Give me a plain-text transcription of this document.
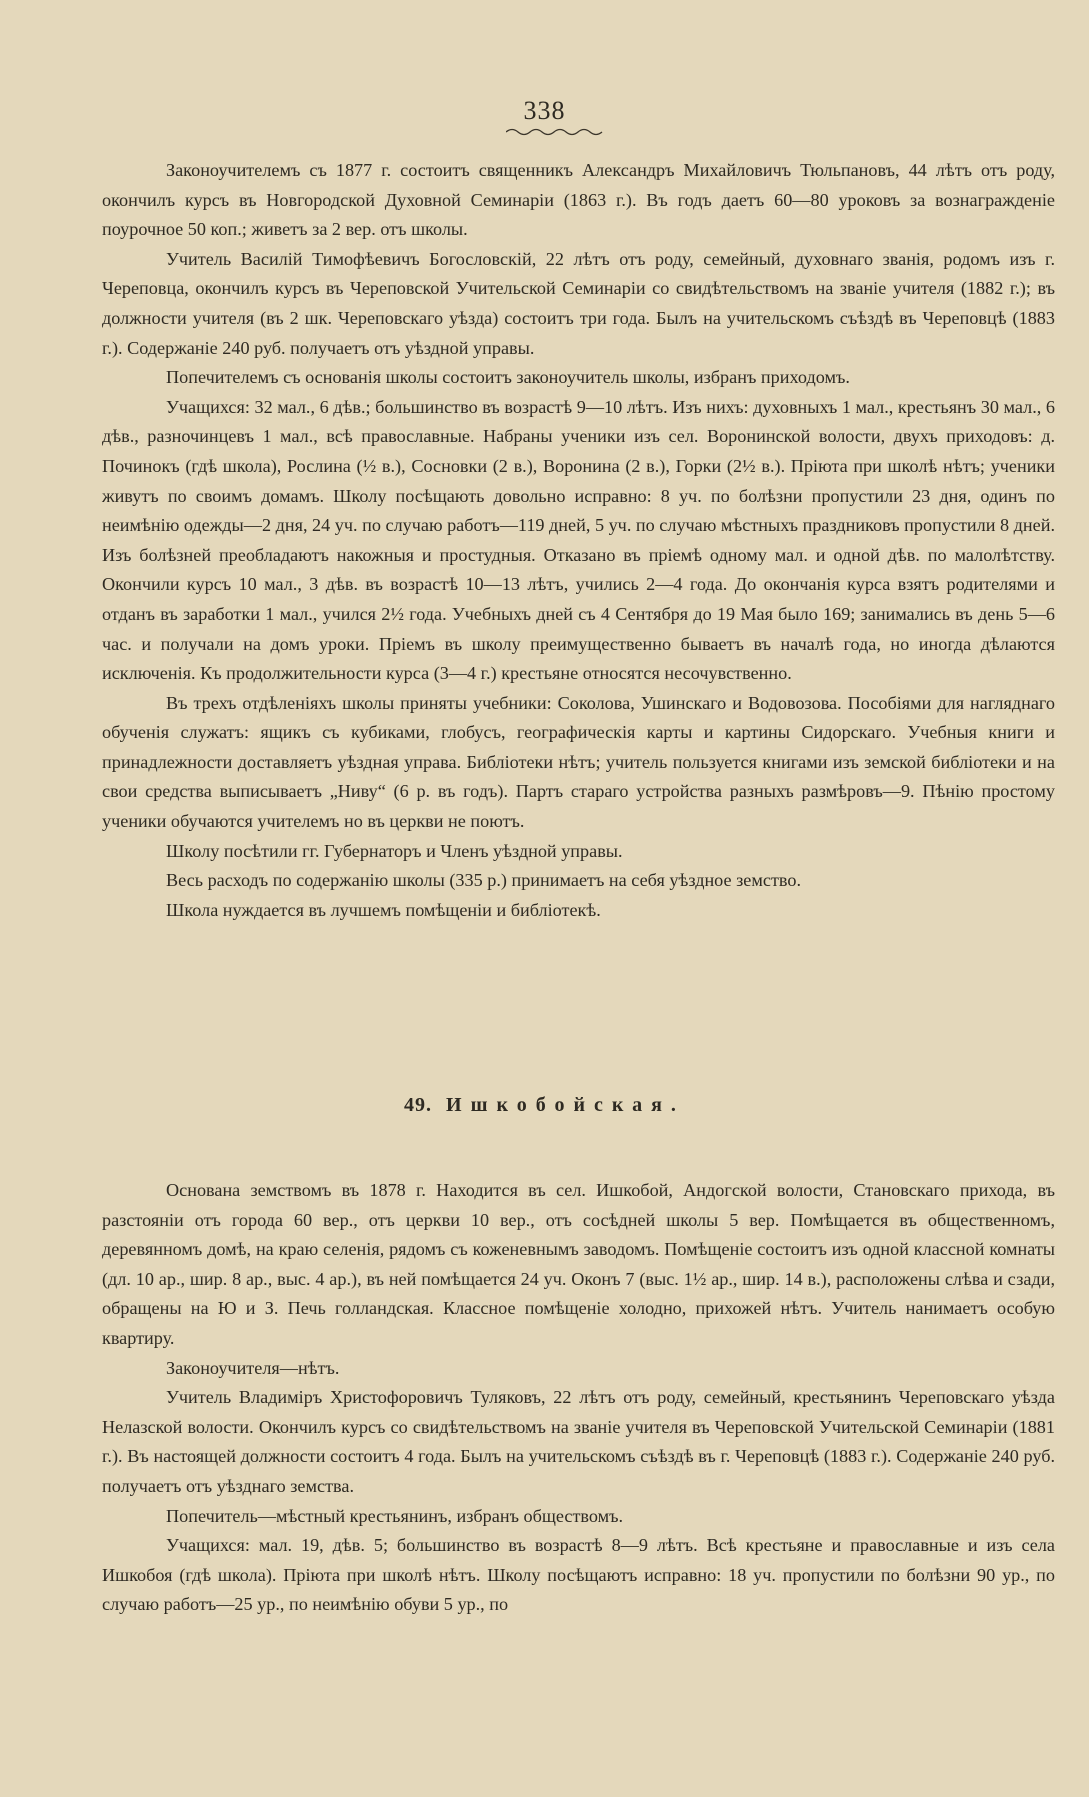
338

Законоучителемъ съ 1877 г. состоитъ священникъ Александръ Михайловичъ Тюльпановъ, 44 лѣтъ отъ роду, окончилъ курсъ въ Новгородской Духовной Семинаріи (1863 г.). Въ годъ даетъ 60—80 уроковъ за вознагражденіе поурочное 50 коп.; живетъ за 2 вер. отъ школы.

Учитель Василій Тимофѣевичъ Богословскій, 22 лѣтъ отъ роду, семейный, духовнаго званія, родомъ изъ г. Череповца, окончилъ курсъ въ Череповской Учительской Семинаріи со свидѣтельствомъ на званіе учителя (1882 г.); въ должности учителя (въ 2 шк. Череповскаго уѣзда) состоитъ три года. Былъ на учительскомъ съѣздѣ въ Череповцѣ (1883 г.). Содержаніе 240 руб. получаетъ отъ уѣздной управы.

Попечителемъ съ основанія школы состоитъ законоучитель школы, избранъ приходомъ.

Учащихся: 32 мал., 6 дѣв.; большинство въ возрастѣ 9—10 лѣтъ. Изъ нихъ: духовныхъ 1 мал., крестьянъ 30 мал., 6 дѣв., разночинцевъ 1 мал., всѣ православные. Набраны ученики изъ сел. Воронинской волости, двухъ приходовъ: д. Починокъ (гдѣ школа), Рослина (½ в.), Сосновки (2 в.), Воронина (2 в.), Горки (2½ в.). Пріюта при школѣ нѣтъ; ученики живутъ по своимъ домамъ. Школу посѣщають довольно исправно: 8 уч. по болѣзни пропустили 23 дня, одинъ по неимѣнію одежды—2 дня, 24 уч. по случаю работъ—119 дней, 5 уч. по случаю мѣстныхъ праздниковъ пропустили 8 дней. Изъ болѣзней преобладаютъ накожныя и простудныя. Отказано въ пріемѣ одному мал. и одной дѣв. по малолѣтству. Окончили курсъ 10 мал., 3 дѣв. въ возрастѣ 10—13 лѣтъ, учились 2—4 года. До окончанія курса взятъ родителями и отданъ въ заработки 1 мал., учился 2½ года. Учебныхъ дней съ 4 Сентября до 19 Мая было 169; занимались въ день 5—6 час. и получали на домъ уроки. Пріемъ въ школу преимущественно бываетъ въ началѣ года, но иногда дѣлаются исключенія. Къ продолжительности курса (3—4 г.) крестьяне относятся несочувственно.

Въ трехъ отдѣленіяхъ школы приняты учебники: Соколова, Ушинскаго и Водовозова. Пособіями для нагляднаго обученія служатъ: ящикъ съ кубиками, глобусъ, географическія карты и картины Сидорскаго. Учебныя книги и принадлежности доставляетъ уѣздная управа. Библіотеки нѣтъ; учитель пользуется книгами изъ земской библіотеки и на свои средства выписываетъ „Ниву“ (6 р. въ годъ). Партъ стараго устройства разныхъ размѣровъ—9. Пѣнію простому ученики обучаются учителемъ но въ церкви не поютъ.

Школу посѣтили гг. Губернаторъ и Членъ уѣздной управы.

Весь расходъ по содержанію школы (335 р.) принимаетъ на себя уѣздное земство.

Школа нуждается въ лучшемъ помѣщеніи и библіотекѣ.

49. Ишкобойская.

Основана земствомъ въ 1878 г. Находится въ сел. Ишкобой, Андогской волости, Становскаго прихода, въ разстояніи отъ города 60 вер., отъ церкви 10 вер., отъ сосѣдней школы 5 вер. Помѣщается въ общественномъ, деревянномъ домѣ, на краю селенія, рядомъ съ коженевнымъ заводомъ. Помѣщеніе состоитъ изъ одной классной комнаты (дл. 10 ар., шир. 8 ар., выс. 4 ар.), въ ней помѣщается 24 уч. Оконъ 7 (выс. 1½ ар., шир. 14 в.), расположены слѣва и сзади, обращены на Ю и З. Печь голландская. Классное помѣщеніе холодно, прихожей нѣтъ. Учитель нанимаетъ особую квартиру.

Законоучителя—нѣтъ.

Учитель Владиміръ Христофоровичъ Туляковъ, 22 лѣтъ отъ роду, семейный, крестьянинъ Череповскаго уѣзда Нелазской волости. Окончилъ курсъ со свидѣтельствомъ на званіе учителя въ Череповской Учительской Семинаріи (1881 г.). Въ настоящей должности состоитъ 4 года. Былъ на учительскомъ съѣздѣ въ г. Череповцѣ (1883 г.). Содержаніе 240 руб. получаетъ отъ уѣзднаго земства.

Попечитель—мѣстный крестьянинъ, избранъ обществомъ.

Учащихся: мал. 19, дѣв. 5; большинство въ возрастѣ 8—9 лѣтъ. Всѣ крестьяне и православные и изъ села Ишкобоя (гдѣ школа). Пріюта при школѣ нѣтъ. Школу посѣщаютъ исправно: 18 уч. пропустили по болѣзни 90 ур., по случаю работъ—25 ур., по неимѣнію обуви 5 ур., по
